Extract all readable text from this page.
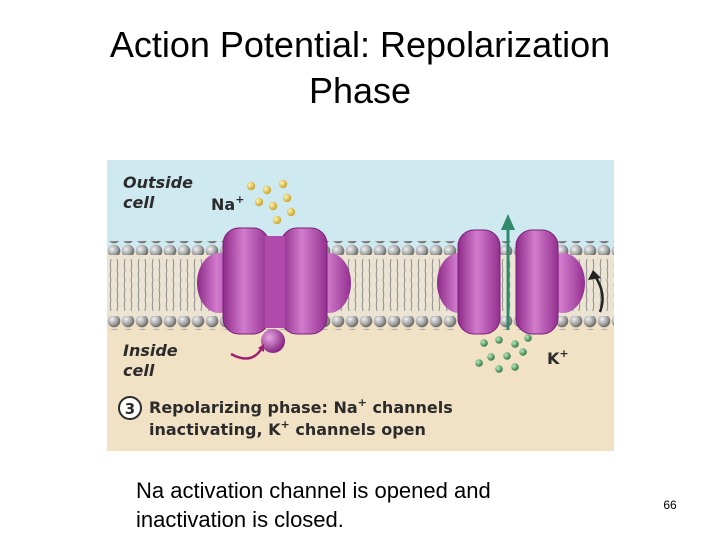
Action Potential: Repolarization
Phase
Outside
cell	Na+
Inside
cell
K+
3 Repolarizing phase: Na+ channels
inactivating, K+ channels open
Na activation channel is opened and
inactivation is closed.
66
